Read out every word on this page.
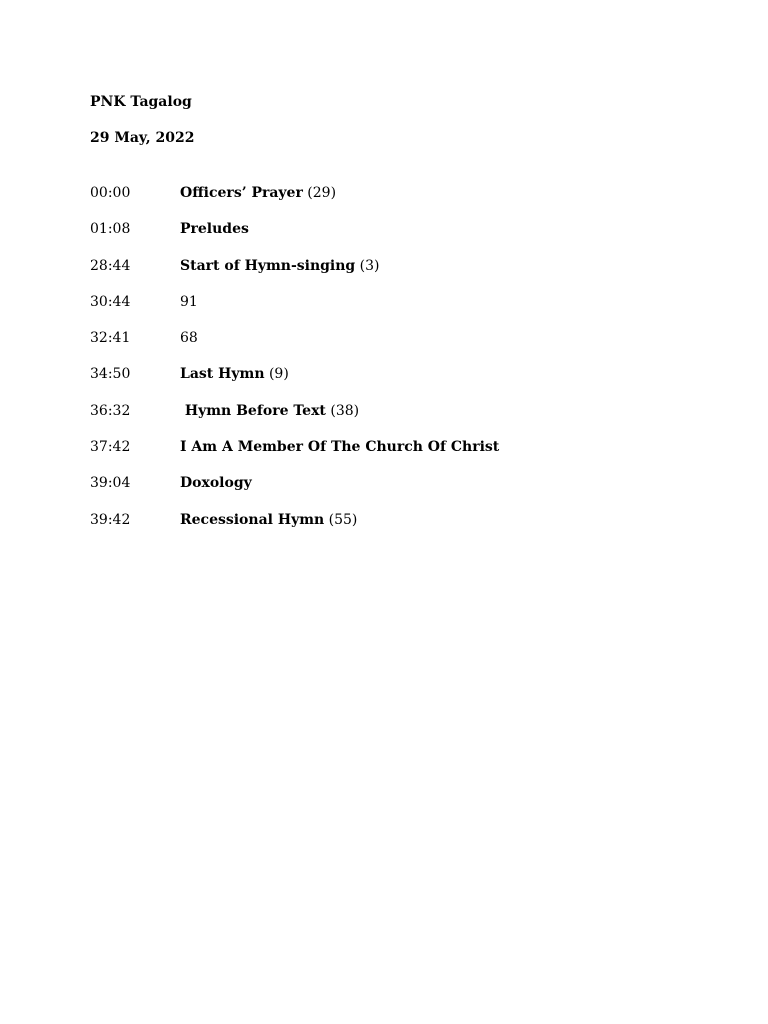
PNK Tagalog

29 May, 2022

00:00	Officers’ Prayer (29)
01:08	Preludes
28:44	Start of Hymn-singing (3)
30:44	91
32:41	68
34:50	Last Hymn (9)
36:32	Hymn Before Text (38)
37:42	I Am A Member Of The Church Of Christ
39:04	Doxology
39:42	Recessional Hymn (55)
